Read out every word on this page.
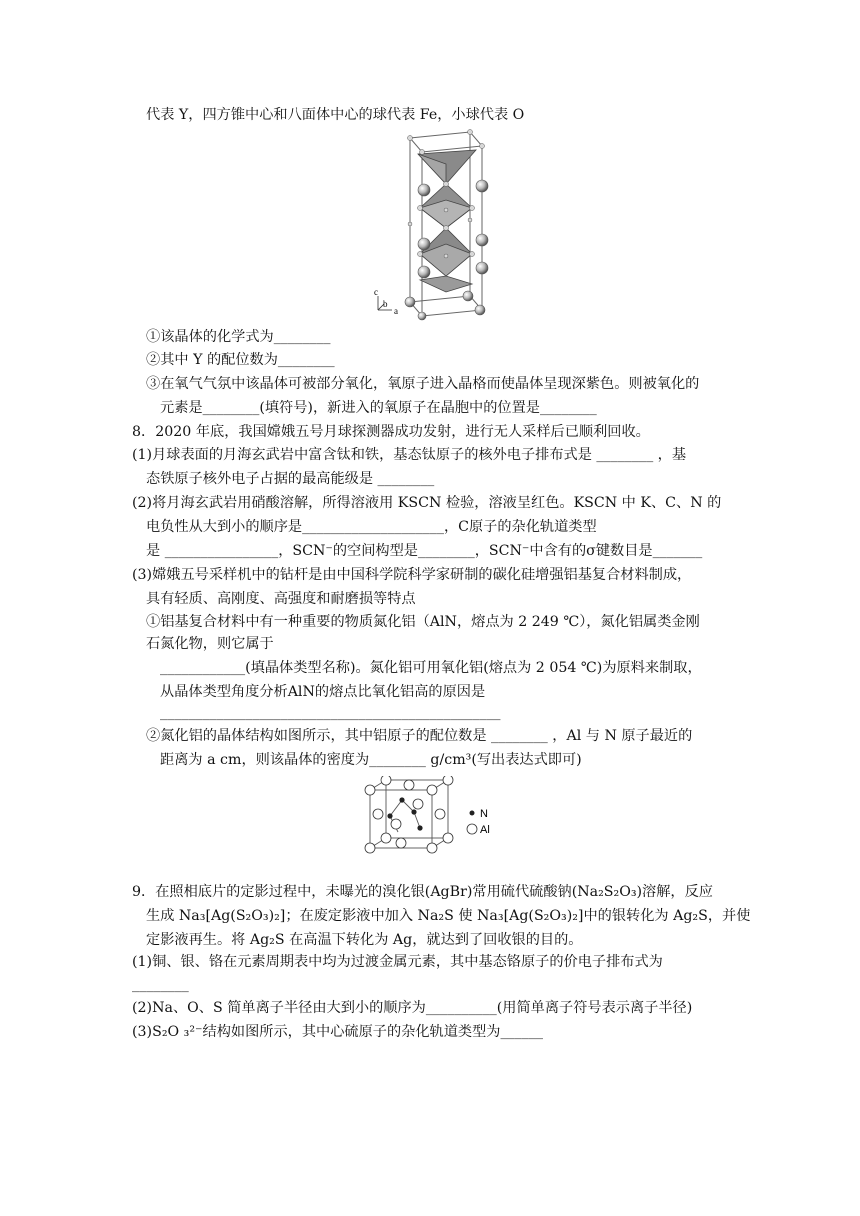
代表 Y，四方锥中心和八面体中心的球代表 Fe，小球代表 O
c
b
a
①该晶体的化学式为________
②其中 Y 的配位数为________
③在氧气气氛中该晶体可被部分氧化，氧原子进入晶格而使晶体呈现深紫色。则被氧化的
元素是________(填符号)，新进入的氧原子在晶胞中的位置是________
8．2020 年底，我国嫦娥五号月球探测器成功发射，进行无人采样后已顺利回收。
(1)月球表面的月海玄武岩中富含钛和铁，基态钛原子的核外电子排布式是 ________ ，基
态铁原子核外电子占据的最高能级是 ________
(2)将月海玄武岩用硝酸溶解，所得溶液用 KSCN 检验，溶液呈红色。KSCN 中 K、C、N 的
电负性从大到小的顺序是____________________，C原子的杂化轨道类型
是 ________________，SCN⁻的空间构型是________，SCN⁻中含有的σ键数目是_______
(3)嫦娥五号采样机中的钻杆是由中国科学院科学家研制的碳化硅增强铝基复合材料制成，
具有轻质、高刚度、高强度和耐磨损等特点
①铝基复合材料中有一种重要的物质氮化铝（AlN，熔点为 2 249 ℃），氮化铝属类金刚
石氮化物，则它属于
____________(填晶体类型名称)。氮化铝可用氧化铝(熔点为 2 054 ℃)为原料来制取，
从晶体类型角度分析AlN的熔点比氧化铝高的原因是
________________________________________________
②氮化铝的晶体结构如图所示，其中铝原子的配位数是 ________ ，Al 与 N 原子最近的
距离为 a cm，则该晶体的密度为________ g/cm³(写出表达式即可)
N
Al
9．在照相底片的定影过程中，未曝光的溴化银(AgBr)常用硫代硫酸钠(Na₂S₂O₃)溶解，反应
生成 Na₃[Ag(S₂O₃)₂]；在废定影液中加入 Na₂S 使 Na₃[Ag(S₂O₃)₂]中的银转化为 Ag₂S，并使
定影液再生。将 Ag₂S 在高温下转化为 Ag，就达到了回收银的目的。
(1)铜、银、铬在元素周期表中均为过渡金属元素，其中基态铬原子的价电子排布式为
________
(2)Na、O、S 简单离子半径由大到小的顺序为__________(用简单离子符号表示离子半径)
(3)S₂O ₃²⁻结构如图所示，其中心硫原子的杂化轨道类型为______
